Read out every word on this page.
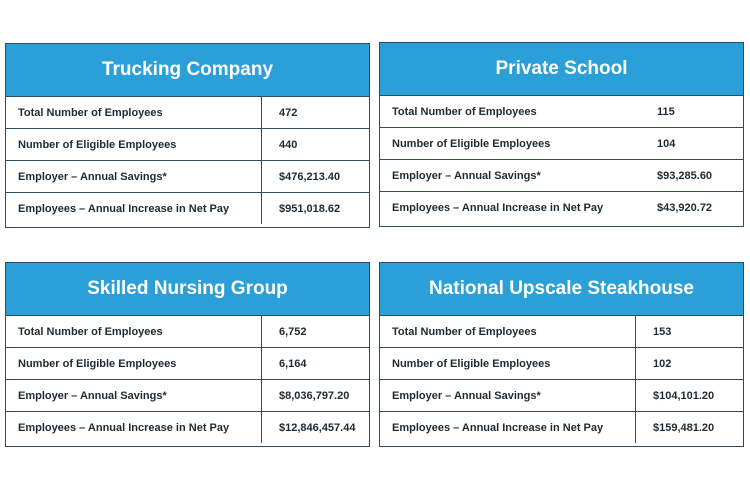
Trucking Company
Total Number of Employees	472
Number of Eligible Employees	440
Employer – Annual Savings*	$476,213.40
Employees – Annual Increase in Net Pay	$951,018.62
Private School
Total Number of Employees	115
Number of Eligible Employees	104
Employer – Annual Savings*	$93,285.60
Employees – Annual Increase in Net Pay	$43,920.72
Skilled Nursing Group
Total Number of Employees	6,752
Number of Eligible Employees	6,164
Employer – Annual Savings*	$8,036,797.20
Employees – Annual Increase in Net Pay	$12,846,457.44
National Upscale Steakhouse
Total Number of Employees	153
Number of Eligible Employees	102
Employer – Annual Savings*	$104,101.20
Employees – Annual Increase in Net Pay	$159,481.20
